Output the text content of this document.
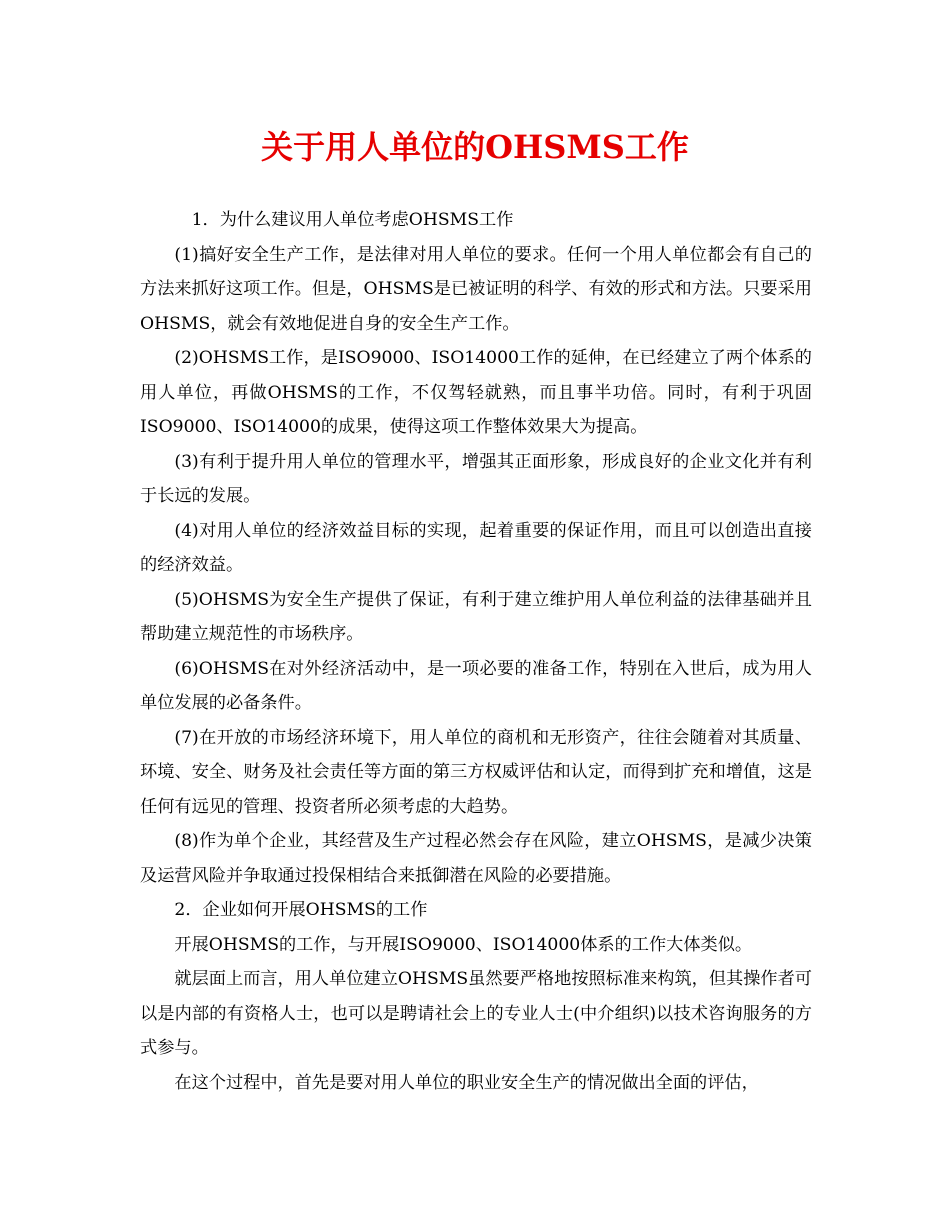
关于用人单位的OHSMS工作

1．为什么建议用人单位考虑OHSMS工作

(1)搞好安全生产工作，是法律对用人单位的要求。任何一个用人单位都会有自己的方法来抓好这项工作。但是，OHSMS是已被证明的科学、有效的形式和方法。只要采用OHSMS，就会有效地促进自身的安全生产工作。

(2)OHSMS工作，是ISO9000、ISO14000工作的延伸，在已经建立了两个体系的用人单位，再做OHSMS的工作，不仅驾轻就熟，而且事半功倍。同时，有利于巩固ISO9000、ISO14000的成果，使得这项工作整体效果大为提高。

(3)有利于提升用人单位的管理水平，增强其正面形象，形成良好的企业文化并有利于长远的发展。

(4)对用人单位的经济效益目标的实现，起着重要的保证作用，而且可以创造出直接的经济效益。

(5)OHSMS为安全生产提供了保证，有利于建立维护用人单位利益的法律基础并且帮助建立规范性的市场秩序。

(6)OHSMS在对外经济活动中，是一项必要的准备工作，特别在入世后，成为用人单位发展的必备条件。

(7)在开放的市场经济环境下，用人单位的商机和无形资产，往往会随着对其质量、环境、安全、财务及社会责任等方面的第三方权威评估和认定，而得到扩充和增值，这是任何有远见的管理、投资者所必须考虑的大趋势。

(8)作为单个企业，其经营及生产过程必然会存在风险，建立OHSMS，是减少决策及运营风险并争取通过投保相结合来抵御潜在风险的必要措施。

2．企业如何开展OHSMS的工作

开展OHSMS的工作，与开展ISO9000、ISO14000体系的工作大体类似。

就层面上而言，用人单位建立OHSMS虽然要严格地按照标准来构筑，但其操作者可以是内部的有资格人士，也可以是聘请社会上的专业人士(中介组织)以技术咨询服务的方式参与。

在这个过程中，首先是要对用人单位的职业安全生产的情况做出全面的评估，
